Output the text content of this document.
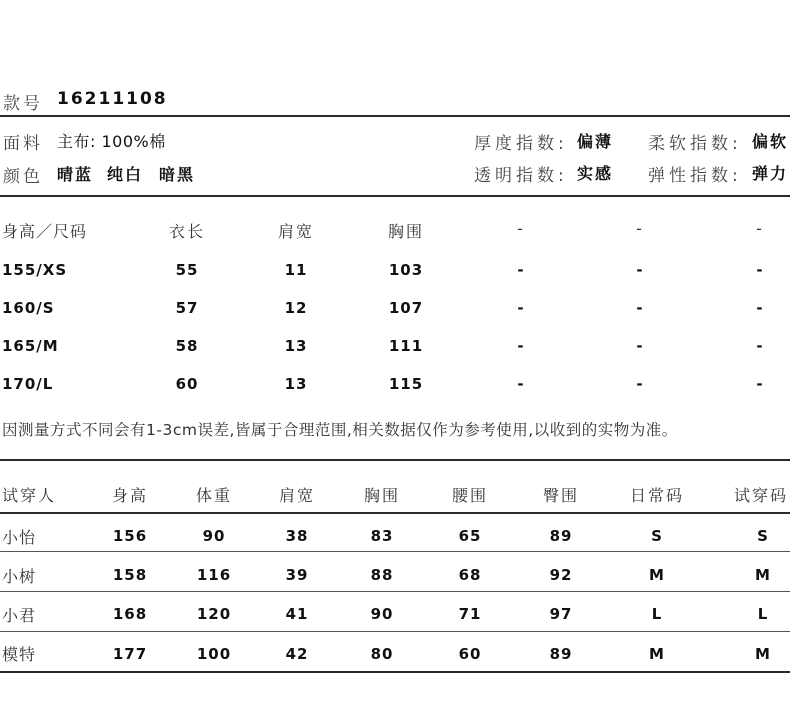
款号 16211108
面料 主布: 100%棉
颜色 晴蓝 纯白 暗黑
厚度指数: 偏薄 柔软指数: 偏软
透明指数: 实感 弹性指数: 弹力
身高／尺码	衣长	肩宽	胸围	-	-	-
155/XS	55	11	103	-	-	-
160/S	57	12	107	-	-	-
165/M	58	13	111	-	-	-
170/L	60	13	115	-	-	-
因测量方式不同会有1-3cm误差,皆属于合理范围,相关数据仅作为参考使用,以收到的实物为准。
试穿人	身高	体重	肩宽	胸围	腰围	臀围	日常码	试穿码
小怡	156	90	38	83	65	89	S	S
小树	158	116	39	88	68	92	M	M
小君	168	120	41	90	71	97	L	L
模特	177	100	42	80	60	89	M	M
